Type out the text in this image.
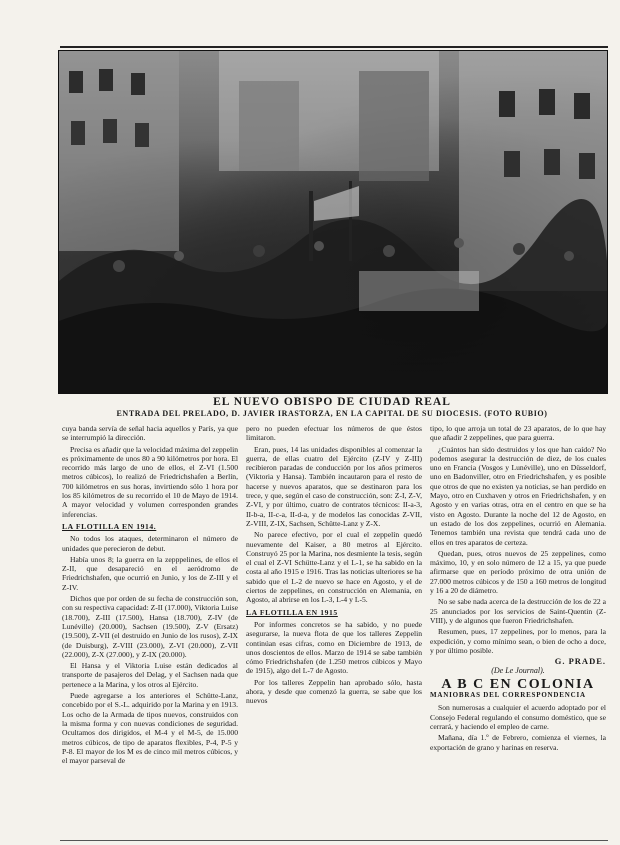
EL NUEVO OBISPO DE CIUDAD REAL
ENTRADA DEL PRELADO, D. JAVIER IRASTORZA, EN LA CAPITAL DE SU DIOCESIS. (FOTO RUBIO)

cuya banda servía de señal hacia aquellos y París, ya que se interrumpió la dirección.

Precisa es añadir que la velocidad máxima del zeppelin es próximamente de unos 80 a 90 kilómetros por hora. El recorrido más largo de uno de ellos, el Z-VI (1.500 metros cúbicos), lo realizó de Friedrichshafen a Berlín, 700 kilómetros en sus horas, invirtiendo sólo 1 hora por los 85 kilómetros de su recorrido el 10 de Mayo de 1914. A mayor velocidad y volumen corresponden grandes inferencias.

LA FLOTILLA EN 1914.

No todos los ataques, determinaron el número de unidades que perecieron de debut.

Había unos 8; la guerra en la zepppelines, de ellos el Z-II, que desapareció en el aeródromo de Friedrichshafen, que ocurrió en Junio, y los de Z-III y el Z-IV.

Dichos que por orden de su fecha de construcción son, con su respectiva capacidad: Z-II (17.000), Viktoria Luise (18.700), Z-III (17.500), Hansa (18.700), Z-IV (de Lunéville) (20.000), Sachsen (19.500), Z-V (Ersatz) (19.500), Z-VII (el destruido en Junio de los rusos), Z-IX (de Duisburg), Z-VIII (23.000), Z-VI (20.000), Z-VII (22.000), Z-X (27.000), y Z-IX (20.000).

El Hansa y el Viktoria Luise están dedicados al transporte de pasajeros del Delag, y el Sachsen nada que pertenece a la Marina, y los otros al Ejército.

Puede agregarse a los anteriores el Schütte-Lanz, concebido por el S.-L. adquirido por la Marina y en 1913. Los ocho de la Armada de tipos nuevos, construidos con la misma forma y con nuevas condiciones de seguridad. Ocultamos dos dirigidos, el M-4 y el M-5, de 15.000 metros cúbicos, de tipo de aparatos flexibles, P-4, P-5 y P-8. El mayor de los M es de cinco mil metros cúbicos, y el mayor parseval de

pero no pueden efectuar los números de que éstos limitaron.

Eran, pues, 14 las unidades disponibles al comenzar la guerra, de ellas cuatro del Ejército (Z-IV y Z-III) recibieron paradas de conducción por los años primeros (Viktoria y Hansa). También incautaron para el resto de hacerse y nuevos aparatos, que se destinaron para los trece, y que, según el caso de construcción, son: Z-I, Z-V, Z-VI, y por último, cuatro de contratos técnicos: II-a-3, II-b-a, II-c-a, II-d-a, y de modelos las conocidas Z-VII, Z-VIII, Z-IX, Sachsen, Schütte-Lanz y Z-X.

No parece efectivo, por el cual el zeppelín quedó nuevamente del Kaiser, a 80 metros al Ejército. Construyó 25 por la Marina, nos desmiente la tesis, según el cual el Z-VI Schütte-Lanz y el L-1, se ha sabido en la costa al año 1915 e 1916. Tras las noticias ulteriores se ha sabido que el L-2 de nuevo se hace en Agosto, y el de ciertos de zeppelines, en construcción en Alemania, en Agosto, al abrirse en los L-3, L-4 y L-5.

LA FLOTILLA EN 1915

Por informes concretos se ha sabido, y no puede asegurarse, la nueva flota de que los talleres Zeppelin continúan esas cifras, como en Diciembre de 1913, de unos doscientos de ellos. Marzo de 1914 se sabe también cómo Friedrichshafen (de 1.250 metros cúbicos y Mayo de 1915), algo del L-7 de Agosto.

Por los talleres Zeppelin han aprobado sólo, hasta ahora, y desde que comenzó la guerra, se sabe que los nuevos

tipo, lo que arroja un total de 23 aparatos, de lo que hay que añadir 2 zeppelines, que para guerra.

¿Cuántos han sido destruidos y los que han caído? No podemos asegurar la destrucción de diez, de los cuales uno en Francia (Vosgos y Lunéville), uno en Düsseldorf, uno en Badonviller, otro en Friedrichshafen, y es posible que otros de que no existen ya noticias, se han perdido en Mayo, otro en Cuxhaven y otros en Friedrichshafen, y en Agosto y en varias otras, otra en el centro en que se ha visto en Agosto. Durante la noche del 12 de Agosto, en un estado de los dos zeppelines, ocurrió en Alemania. Tenemos también una revista que tendrá cada uno de ellos en tres aparatos de certeza.

Quedan, pues, otros nuevos de 25 zeppelines, como máximo, 10, y en solo número de 12 a 15, ya que puede afirmarse que en período próximo de otra unión de 27.000 metros cúbicos y de 150 a 160 metros de longitud y 16 a 20 de diámetro.

No se sabe nada acerca de la destrucción de los de 22 a 25 anunciados por los servicios de Saint-Quentin (Z-VIII), y de algunos que fueron Friedrichshafen.

Resumen, pues, 17 zeppelines, por lo menos, para la expedición, y como mínimo sean, o bien de ocho a doce, y por último posible.

G. PRADE.
(De Le Journal).
A B C EN COLONIA
MANIOBRAS DEL CORRESPONDENCIA

Son numerosas a cualquier el acuerdo adoptado por el Consejo Federal regulando el consumo doméstico, que se cerrará, y haciendo el empleo de carne.

Mañana, día 1.º de Febrero, comienza el viernes, la exportación de grano y harinas en reserva.
